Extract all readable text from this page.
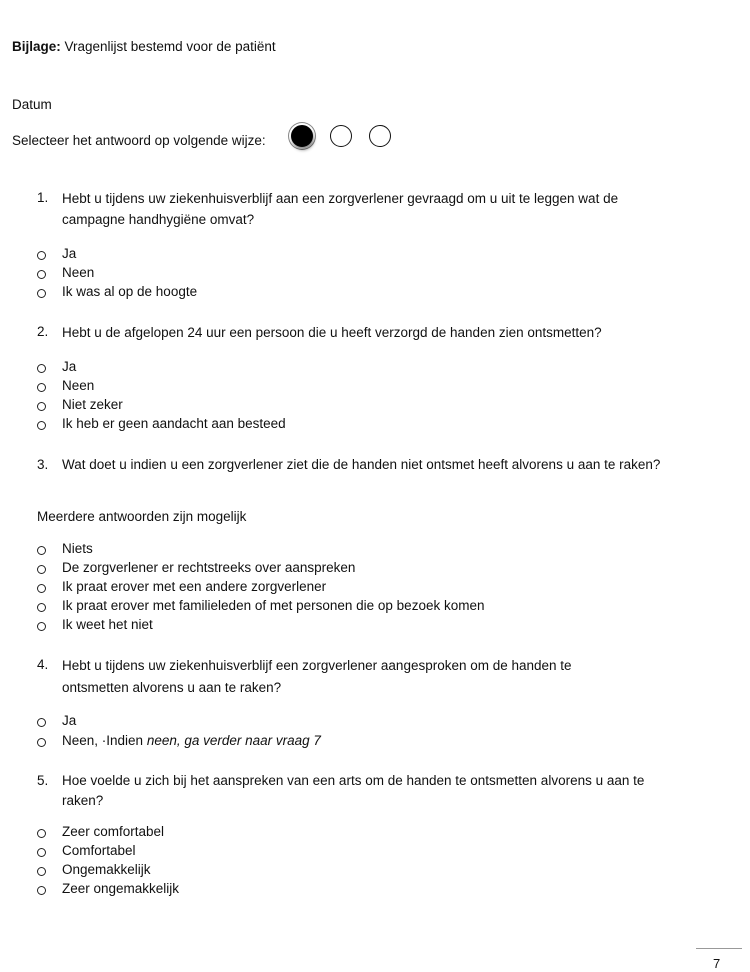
Bijlage: Vragenlijst bestemd voor de patiënt
Datum
Selecteer het antwoord op volgende wijze:
1. Hebt u tijdens uw ziekenhuisverblijf aan een zorgverlener gevraagd om u uit te leggen wat de campagne handhygiëne omvat?
Ja
Neen
Ik was al op de hoogte
2. Hebt u de afgelopen 24 uur een persoon die u heeft verzorgd de handen zien ontsmetten?
Ja
Neen
Niet zeker
Ik heb er geen aandacht aan besteed
3. Wat doet u indien u een zorgverlener ziet die de handen niet ontsmet heeft alvorens u aan te raken?
Meerdere antwoorden zijn mogelijk
Niets
De zorgverlener er rechtstreeks over aanspreken
Ik praat erover met een andere zorgverlener
Ik praat erover met familieleden of met personen die op bezoek komen
Ik weet het niet
4. Hebt u tijdens uw ziekenhuisverblijf een zorgverlener aangesproken om de handen te ontsmetten alvorens u aan te raken?
Ja
Neen, ·Indien neen, ga verder naar vraag 7
5. Hoe voelde u zich bij het aanspreken van een arts om de handen te ontsmetten alvorens u aan te raken?
Zeer comfortabel
Comfortabel
Ongemakkelijk
Zeer ongemakkelijk
7
